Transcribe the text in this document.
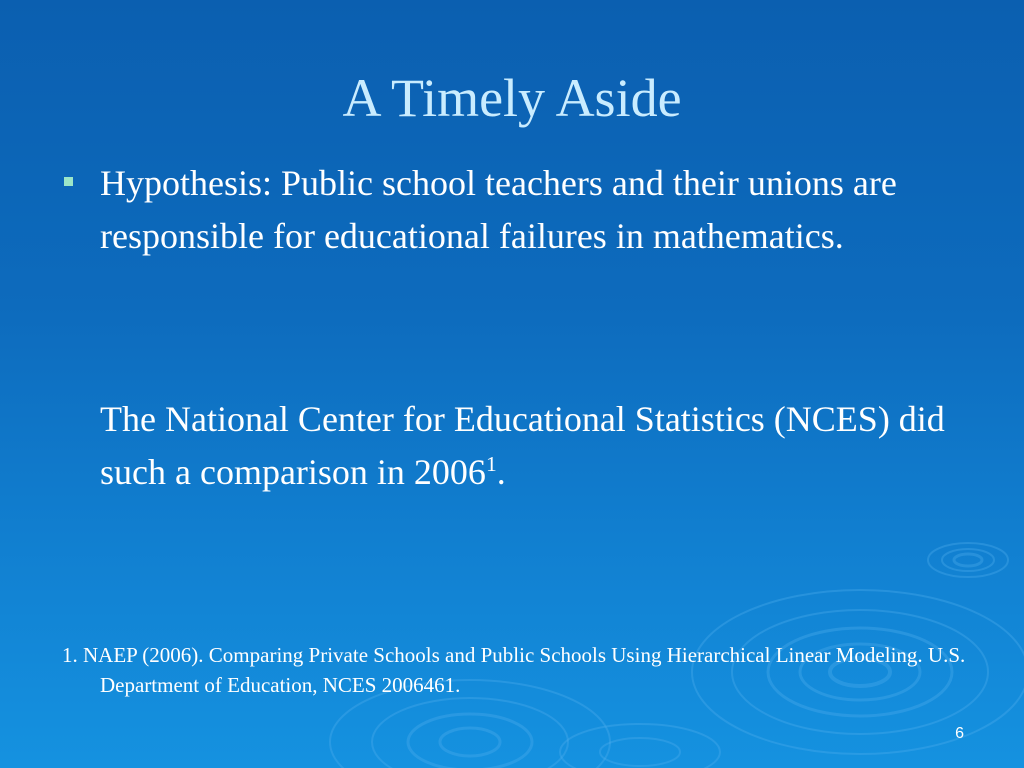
A Timely Aside

Hypothesis: Public school teachers and their unions are responsible for educational failures in mathematics.

The National Center for Educational Statistics (NCES) did such a comparison in 2006$^1$.

1. NAEP (2006). Comparing Private Schools and Public Schools Using Hierarchical Linear Modeling. U.S. Department of Education, NCES 2006461.

6
